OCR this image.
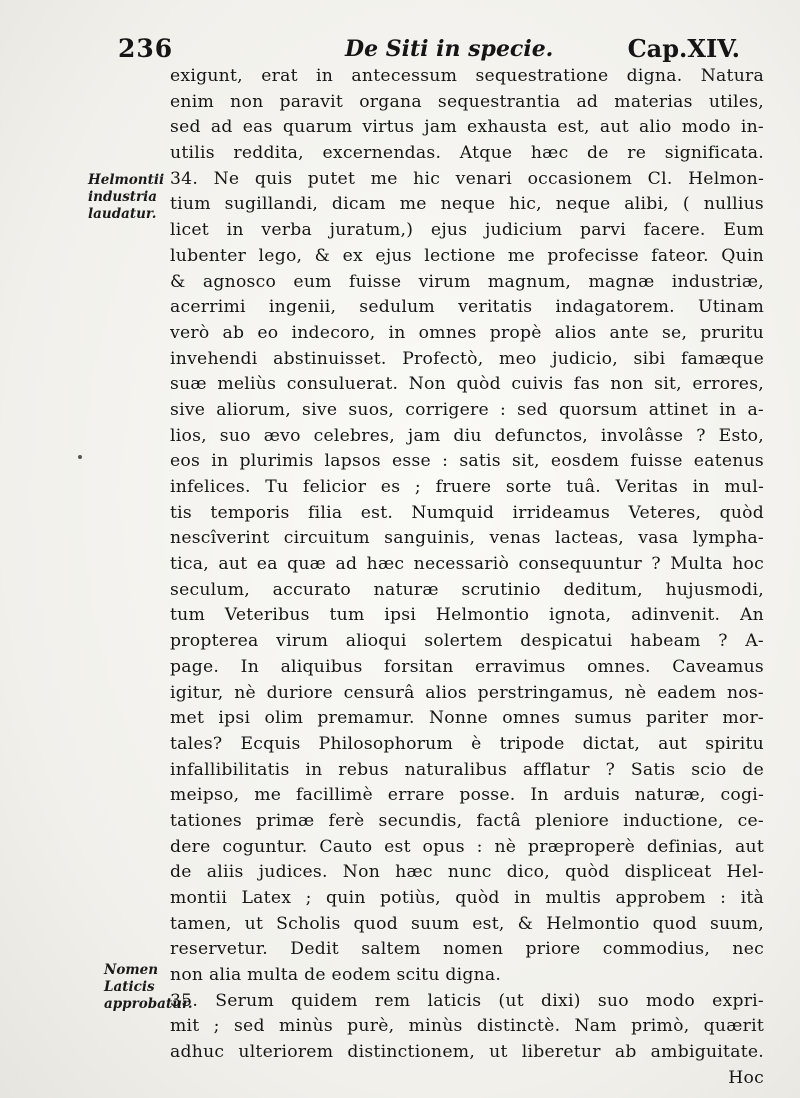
236	De Siti in specie.	Cap.XIV.
Helmontii industria laudatur.
Nomen Laticis approbatur.
exigunt, erat in antecessum sequestratione digna. Natura
enim non paravit organa sequestrantia ad materias utiles,
sed ad eas quarum virtus jam exhausta est, aut alio modo in-
utilis reddita, excernendas. Atque hæc de re significata.
34. Ne quis putet me hic venari occasionem Cl. Helmon-
tium sugillandi, dicam me neque hic, neque alibi, ( nullius
licet in verba juratum,) ejus judicium parvi facere. Eum
lubenter lego, & ex ejus lectione me profecisse fateor. Quin
& agnosco eum fuisse virum magnum, magnæ industriæ,
acerrimi ingenii, sedulum veritatis indagatorem. Utinam
verò ab eo indecoro, in omnes propè alios ante se, pruritu
invehendi abstinuisset. Profectò, meo judicio, sibi famæque
suæ meliùs consuluerat. Non quòd cuivis fas non sit, errores,
sive aliorum, sive suos, corrigere : sed quorsum attinet in a-
lios, suo ævo celebres, jam diu defunctos, involâsse ? Esto,
eos in plurimis lapsos esse : satis sit, eosdem fuisse eatenus
infelices. Tu felicior es ; fruere sorte tuâ. Veritas in mul-
tis temporis filia est. Numquid irrideamus Veteres, quòd
nescîverint circuitum sanguinis, venas lacteas, vasa lympha-
tica, aut ea quæ ad hæc necessariò consequuntur ? Multa hoc
seculum, accurato naturæ scrutinio deditum, hujusmodi,
tum Veteribus tum ipsi Helmontio ignota, adinvenit. An
propterea virum alioqui solertem despicatui habeam ? A-
page. In aliquibus forsitan erravimus omnes. Caveamus
igitur, nè duriore censurâ alios perstringamus, nè eadem nos-
met ipsi olim premamur. Nonne omnes sumus pariter mor-
tales? Ecquis Philosophorum è tripode dictat, aut spiritu
infallibilitatis in rebus naturalibus afflatur ? Satis scio de
meipso, me facillimè errare posse. In arduis naturæ, cogi-
tationes primæ ferè secundis, factâ pleniore inductione, ce-
dere coguntur. Cauto est opus : nè præproperè definias, aut
de aliis judices. Non hæc nunc dico, quòd displiceat Hel-
montii Latex ; quin potiùs, quòd in multis approbem : ità
tamen, ut Scholis quod suum est, & Helmontio quod suum,
reservetur. Dedit saltem nomen priore commodius, nec
non alia multa de eodem scitu digna.
35. Serum quidem rem laticis (ut dixi) suo modo expri-
mit ; sed minùs purè, minùs distinctè. Nam primò, quærit
adhuc ulteriorem distinctionem, ut liberetur ab ambiguitate.
Hoc
